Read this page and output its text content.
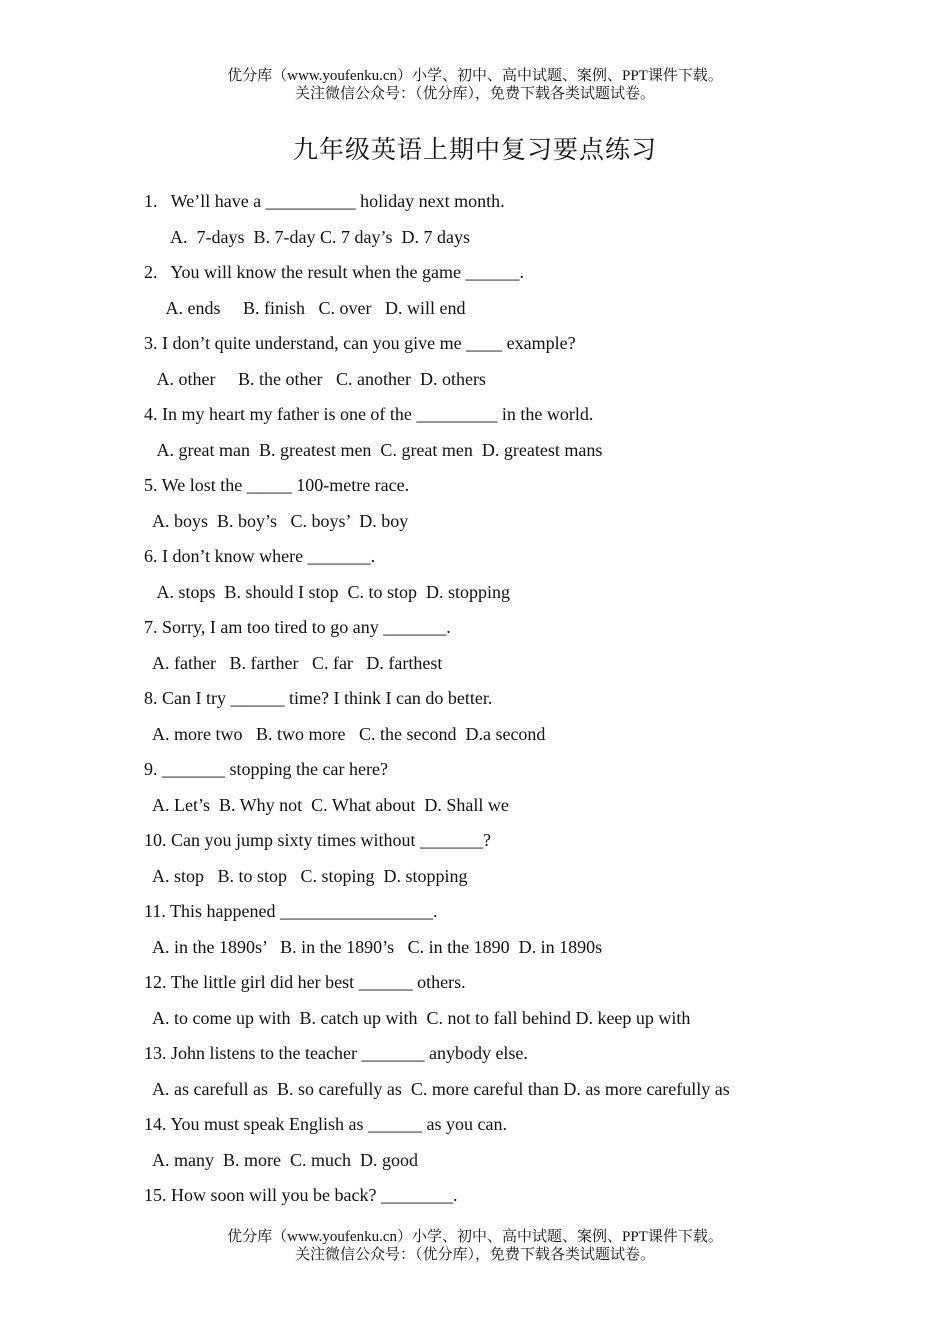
优分库（www.youfenku.cn）小学、初中、高中试题、案例、PPT课件下载。
关注微信公众号：（优分库），免费下载各类试题试卷。
九年级英语上期中复习要点练习
1.   We’ll have a __________ holiday next month.
A.  7-days  B. 7-day C. 7 day’s  D. 7 days
2.   You will know the result when the game ______.
A. ends     B. finish   C. over   D. will end
3. I don’t quite understand, can you give me ____ example?
A. other     B. the other   C. another  D. others
4. In my heart my father is one of the _________ in the world.
A. great man  B. greatest men  C. great men  D. greatest mans
5. We lost the _____ 100-metre race.
A. boys  B. boy’s   C. boys’  D. boy
6. I don’t know where _______.
A. stops  B. should I stop  C. to stop  D. stopping
7. Sorry, I am too tired to go any _______.
A. father   B. farther   C. far   D. farthest
8. Can I try ______ time? I think I can do better.
A. more two   B. two more   C. the second  D.a second
9. _______ stopping the car here?
A. Let’s  B. Why not  C. What about  D. Shall we
10. Can you jump sixty times without _______?
A. stop   B. to stop   C. stoping  D. stopping
11. This happened _________________.
A. in the 1890s’   B. in the 1890’s   C. in the 1890  D. in 1890s
12. The little girl did her best ______ others.
A. to come up with  B. catch up with  C. not to fall behind D. keep up with
13. John listens to the teacher _______ anybody else.
A. as carefull as  B. so carefully as  C. more careful than D. as more carefully as
14. You must speak English as ______ as you can.
A. many  B. more  C. much  D. good
15. How soon will you be back? ________.
优分库（www.youfenku.cn）小学、初中、高中试题、案例、PPT课件下载。
关注微信公众号：（优分库），免费下载各类试题试卷。
